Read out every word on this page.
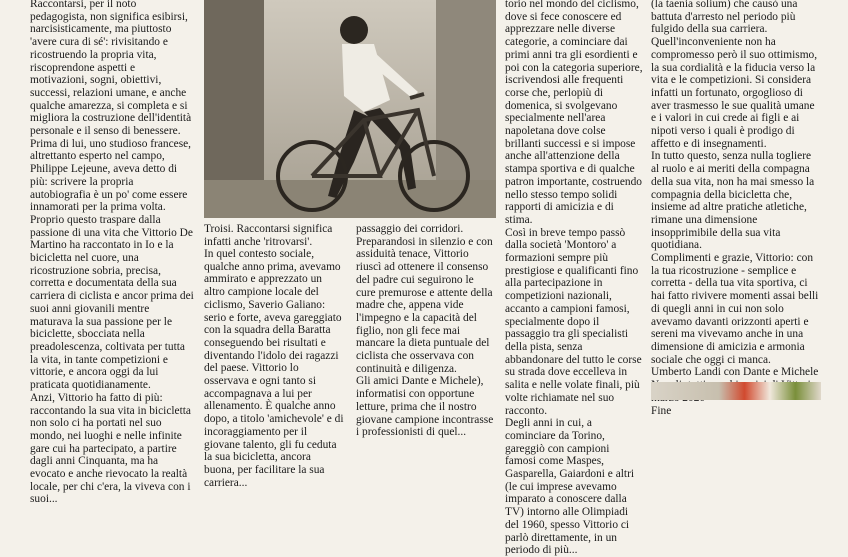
Raccontarsi, per il noto pedagogista, non significa esibirsi, narcisisticamente, ma piuttosto 'avere cura di sé': rivisitando e ricostruendo la propria vita, riscoprendone aspetti e motivazioni, sogni, obiettivi, successi, relazioni umane, e anche qualche amarezza, si completa e si migliora la costruzione dell'identità personale e il senso di benessere.

Prima di lui, uno studioso francese, altrettanto esperto nel campo, Philippe Lejeune, aveva detto di più: scrivere la propria autobiografia è un po' come essere innamorati per la prima volta.

Proprio questo traspare dalla passione di una vita che Vittorio De Martino ha raccontato in Io e la bicicletta nel cuore, una ricostruzione sobria, precisa, corretta e documentata della sua carriera di ciclista e ancor prima dei suoi anni giovanili mentre maturava la sua passione per le biciclette, sbocciata nella preadolescenza, coltivata per tutta la vita, in tante competizioni e vittorie, e ancora oggi da lui praticata quotidianamente.

Anzi, Vittorio ha fatto di più: raccontando la sua vita in bicicletta non solo ci ha portati nel suo mondo, nei luoghi e nelle infinite gare cui ha partecipato, a partire dagli anni Cinquanta, ma ha evocato e anche rievocato la realtà locale, per chi c'era, la viveva con i suoi...

Troisi. Raccontarsi significa infatti anche 'ritrovarsi'.

In quel contesto sociale, qualche anno prima, avevamo ammirato e apprezzato un altro campione locale del ciclismo, Saverio Galiano: serio e forte, aveva gareggiato con la squadra della Baratta conseguendo bei risultati e diventando l'idolo dei ragazzi del paese. Vittorio lo osservava e ogni tanto si accompagnava a lui per allenamento. È qualche anno dopo, a titolo 'amichevole' e di incoraggiamento per il giovane talento, gli fu ceduta la sua bicicletta, ancora buona, per facilitare la sua carriera...

passaggio dei corridori.

Preparandosi in silenzio e con assiduità tenace, Vittorio riuscì ad ottenere il consenso del padre cui seguirono le cure premurose e attente della madre che, appena vide l'impegno e la capacità del figlio, non gli fece mai mancare la dieta puntuale del ciclista che osservava con continuità e diligenza.

Gli amici Dante e Michele), informatisi con opportune letture, prima che il nostro giovane campione incontrasse i professionisti di quel...

torio nel mondo del ciclismo, dove si fece conoscere ed apprezzare nelle diverse categorie, a cominciare dai primi anni tra gli esordienti e poi con la categoria superiore, iscrivendosi alle frequenti corse che, perlopiù di domenica, si svolgevano specialmente nell'area napoletana dove colse brillanti successi e si impose anche all'attenzione della stampa sportiva e di qualche patron importante, costruendo nello stesso tempo solidi rapporti di amicizia e di stima.

Così in breve tempo passò dalla società 'Montoro' a formazioni sempre più prestigiose e qualificanti fino alla partecipazione in competizioni nazionali, accanto a campioni famosi, specialmente dopo il passaggio tra gli specialisti della pista, senza abbandonare del tutto le corse su strada dove eccelleva in salita e nelle volate finali, più volte richiamate nel suo racconto.

Degli anni in cui, a cominciare da Torino, gareggiò con campioni famosi come Maspes, Gasparella, Gaiardoni e altri (le cui imprese avevamo imparato a conoscere dalla TV) intorno alle Olimpiadi del 1960, spesso Vittorio ci parlò direttamente, in un periodo di più...

(la taenia solium) che causò una battuta d'arresto nel periodo più fulgido della sua carriera.

Quell'inconveniente non ha compromesso però il suo ottimismo, la sua cordialità e la fiducia verso la vita e le competizioni. Si considera infatti un fortunato, orgoglioso di aver trasmesso le sue qualità umane e i valori in cui crede ai figli e ai nipoti verso i quali è prodigo di affetto e di insegnamenti.

In tutto questo, senza nulla togliere al ruolo e ai meriti della compagna della sua vita, non ha mai smesso la compagnia della bicicletta che, insieme ad altre pratiche atletiche, rimane una dimensione insopprimibile della sua vita quotidiana.

Complimenti e grazie, Vittorio: con la tua ricostruzione - semplice e corretta - della tua vita sportiva, ci hai fatto rivivere momenti assai belli di quegli anni in cui non solo avevamo davanti orizzonti aperti e sereni ma vivevamo anche in una dimensione di amicizia e armonia sociale che oggi ci manca.

Umberto Landi con Dante e Michele

Fine
